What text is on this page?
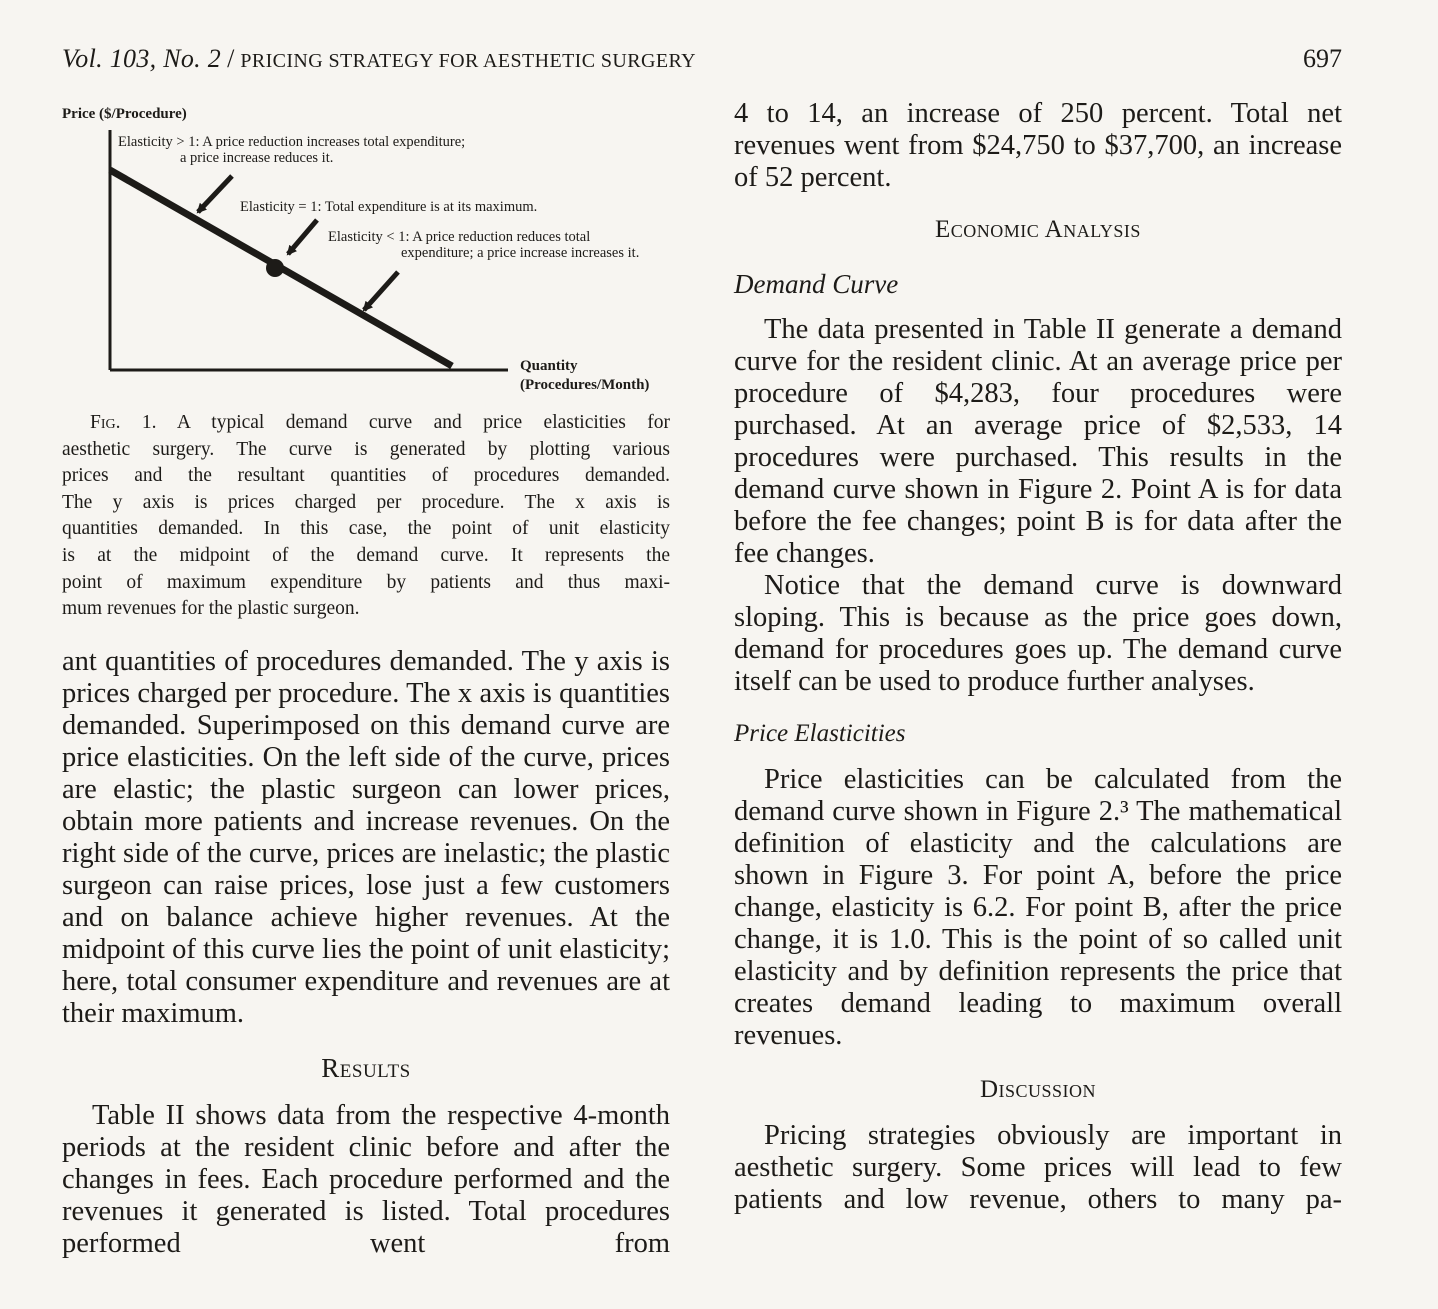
Vol. 103, No. 2 / PRICING STRATEGY FOR AESTHETIC SURGERY	697
Price ($/Procedure)
Elasticity > 1: A price reduction increases total expenditure;
a price increase reduces it.
Elasticity = 1: Total expenditure is at its maximum.
Elasticity < 1: A price reduction reduces total
expenditure; a price increase increases it.
Quantity
(Procedures/Month)
Fig. 1. A typical demand curve and price elasticities for
aesthetic surgery. The curve is generated by plotting various
prices and the resultant quantities of procedures demanded.
The y axis is prices charged per procedure. The x axis is
quantities demanded. In this case, the point of unit elasticity
is at the midpoint of the demand curve. It represents the
point of maximum expenditure by patients and thus maxi-
mum revenues for the plastic surgeon.

ant quantities of procedures demanded. The y axis is prices charged per procedure. The x axis is quantities demanded. Superimposed on this demand curve are price elasticities. On the left side of the curve, prices are elastic; the plastic surgeon can lower prices, obtain more patients and increase revenues. On the right side of the curve, prices are inelastic; the plastic surgeon can raise prices, lose just a few customers and on balance achieve higher revenues. At the midpoint of this curve lies the point of unit elasticity; here, total consumer expenditure and revenues are at their maximum.

Results

Table II shows data from the respective 4-month periods at the resident clinic before and after the changes in fees. Each procedure performed and the revenues it generated is listed. Total procedures performed went from

4 to 14, an increase of 250 percent. Total net revenues went from $24,750 to $37,700, an increase of 52 percent.

Economic Analysis
Demand Curve

The data presented in Table II generate a demand curve for the resident clinic. At an average price per procedure of $4,283, four procedures were purchased. At an average price of $2,533, 14 procedures were purchased. This results in the demand curve shown in Figure 2. Point A is for data before the fee changes; point B is for data after the fee changes.

Notice that the demand curve is downward sloping. This is because as the price goes down, demand for procedures goes up. The demand curve itself can be used to produce further analyses.

Price Elasticities

Price elasticities can be calculated from the demand curve shown in Figure 2.³ The mathematical definition of elasticity and the calculations are shown in Figure 3. For point A, before the price change, elasticity is 6.2. For point B, after the price change, it is 1.0. This is the point of so called unit elasticity and by definition represents the price that creates demand leading to maximum overall revenues.

Discussion

Pricing strategies obviously are important in aesthetic surgery. Some prices will lead to few patients and low revenue, others to many pa-
